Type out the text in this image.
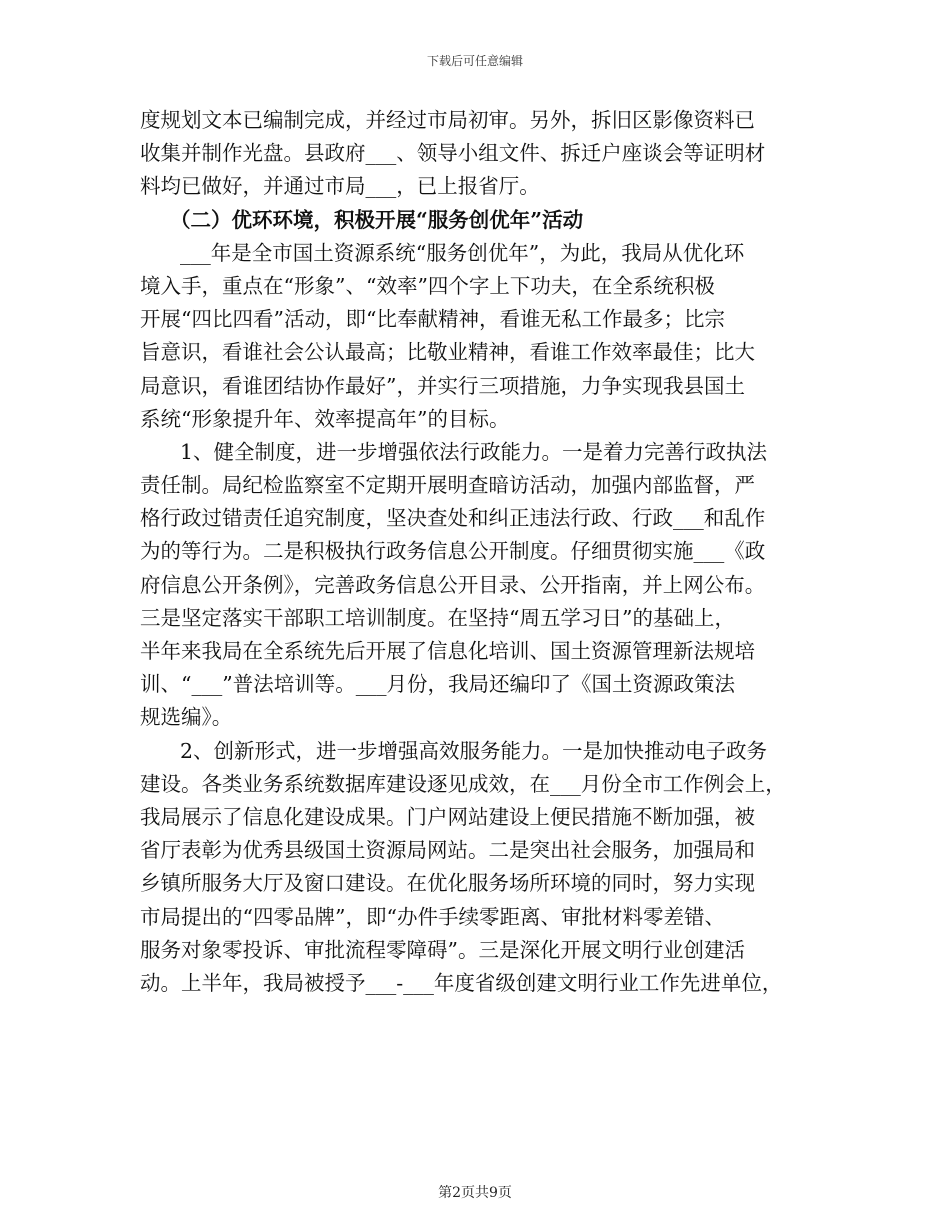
下载后可任意编辑
度规划文本已编制完成，并经过市局初审。另外，拆旧区影像资料已
收集并制作光盘。县政府___、领导小组文件、拆迁户座谈会等证明材
料均已做好，并通过市局___，已上报省厅。
（二）优环环境，积极开展“服务创优年”活动
___年是全市国土资源系统“服务创优年”，为此，我局从优化环
境入手，重点在“形象”、“效率”四个字上下功夫，在全系统积极
开展“四比四看”活动，即“比奉献精神，看谁无私工作最多；比宗
旨意识，看谁社会公认最高；比敬业精神，看谁工作效率最佳；比大
局意识，看谁团结协作最好”，并实行三项措施，力争实现我县国土
系统“形象提升年、效率提高年”的目标。
1、健全制度，进一步增强依法行政能力。一是着力完善行政执法
责任制。局纪检监察室不定期开展明查暗访活动，加强内部监督，严
格行政过错责任追究制度，坚决查处和纠正违法行政、行政___和乱作
为的等行为。二是积极执行政务信息公开制度。仔细贯彻实施___《政
府信息公开条例》，完善政务信息公开目录、公开指南，并上网公布。
三是坚定落实干部职工培训制度。在坚持“周五学习日”的基础上，
半年来我局在全系统先后开展了信息化培训、国土资源管理新法规培
训、“___”普法培训等。___月份，我局还编印了《国土资源政策法
规选编》。
2、创新形式，进一步增强高效服务能力。一是加快推动电子政务
建设。各类业务系统数据库建设逐见成效，在___月份全市工作例会上，
我局展示了信息化建设成果。门户网站建设上便民措施不断加强，被
省厅表彰为优秀县级国土资源局网站。二是突出社会服务，加强局和
乡镇所服务大厅及窗口建设。在优化服务场所环境的同时，努力实现
市局提出的“四零品牌”，即“办件手续零距离、审批材料零差错、
服务对象零投诉、审批流程零障碍”。三是深化开展文明行业创建活
动。上半年，我局被授予___-___年度省级创建文明行业工作先进单位，
第2页共9页
